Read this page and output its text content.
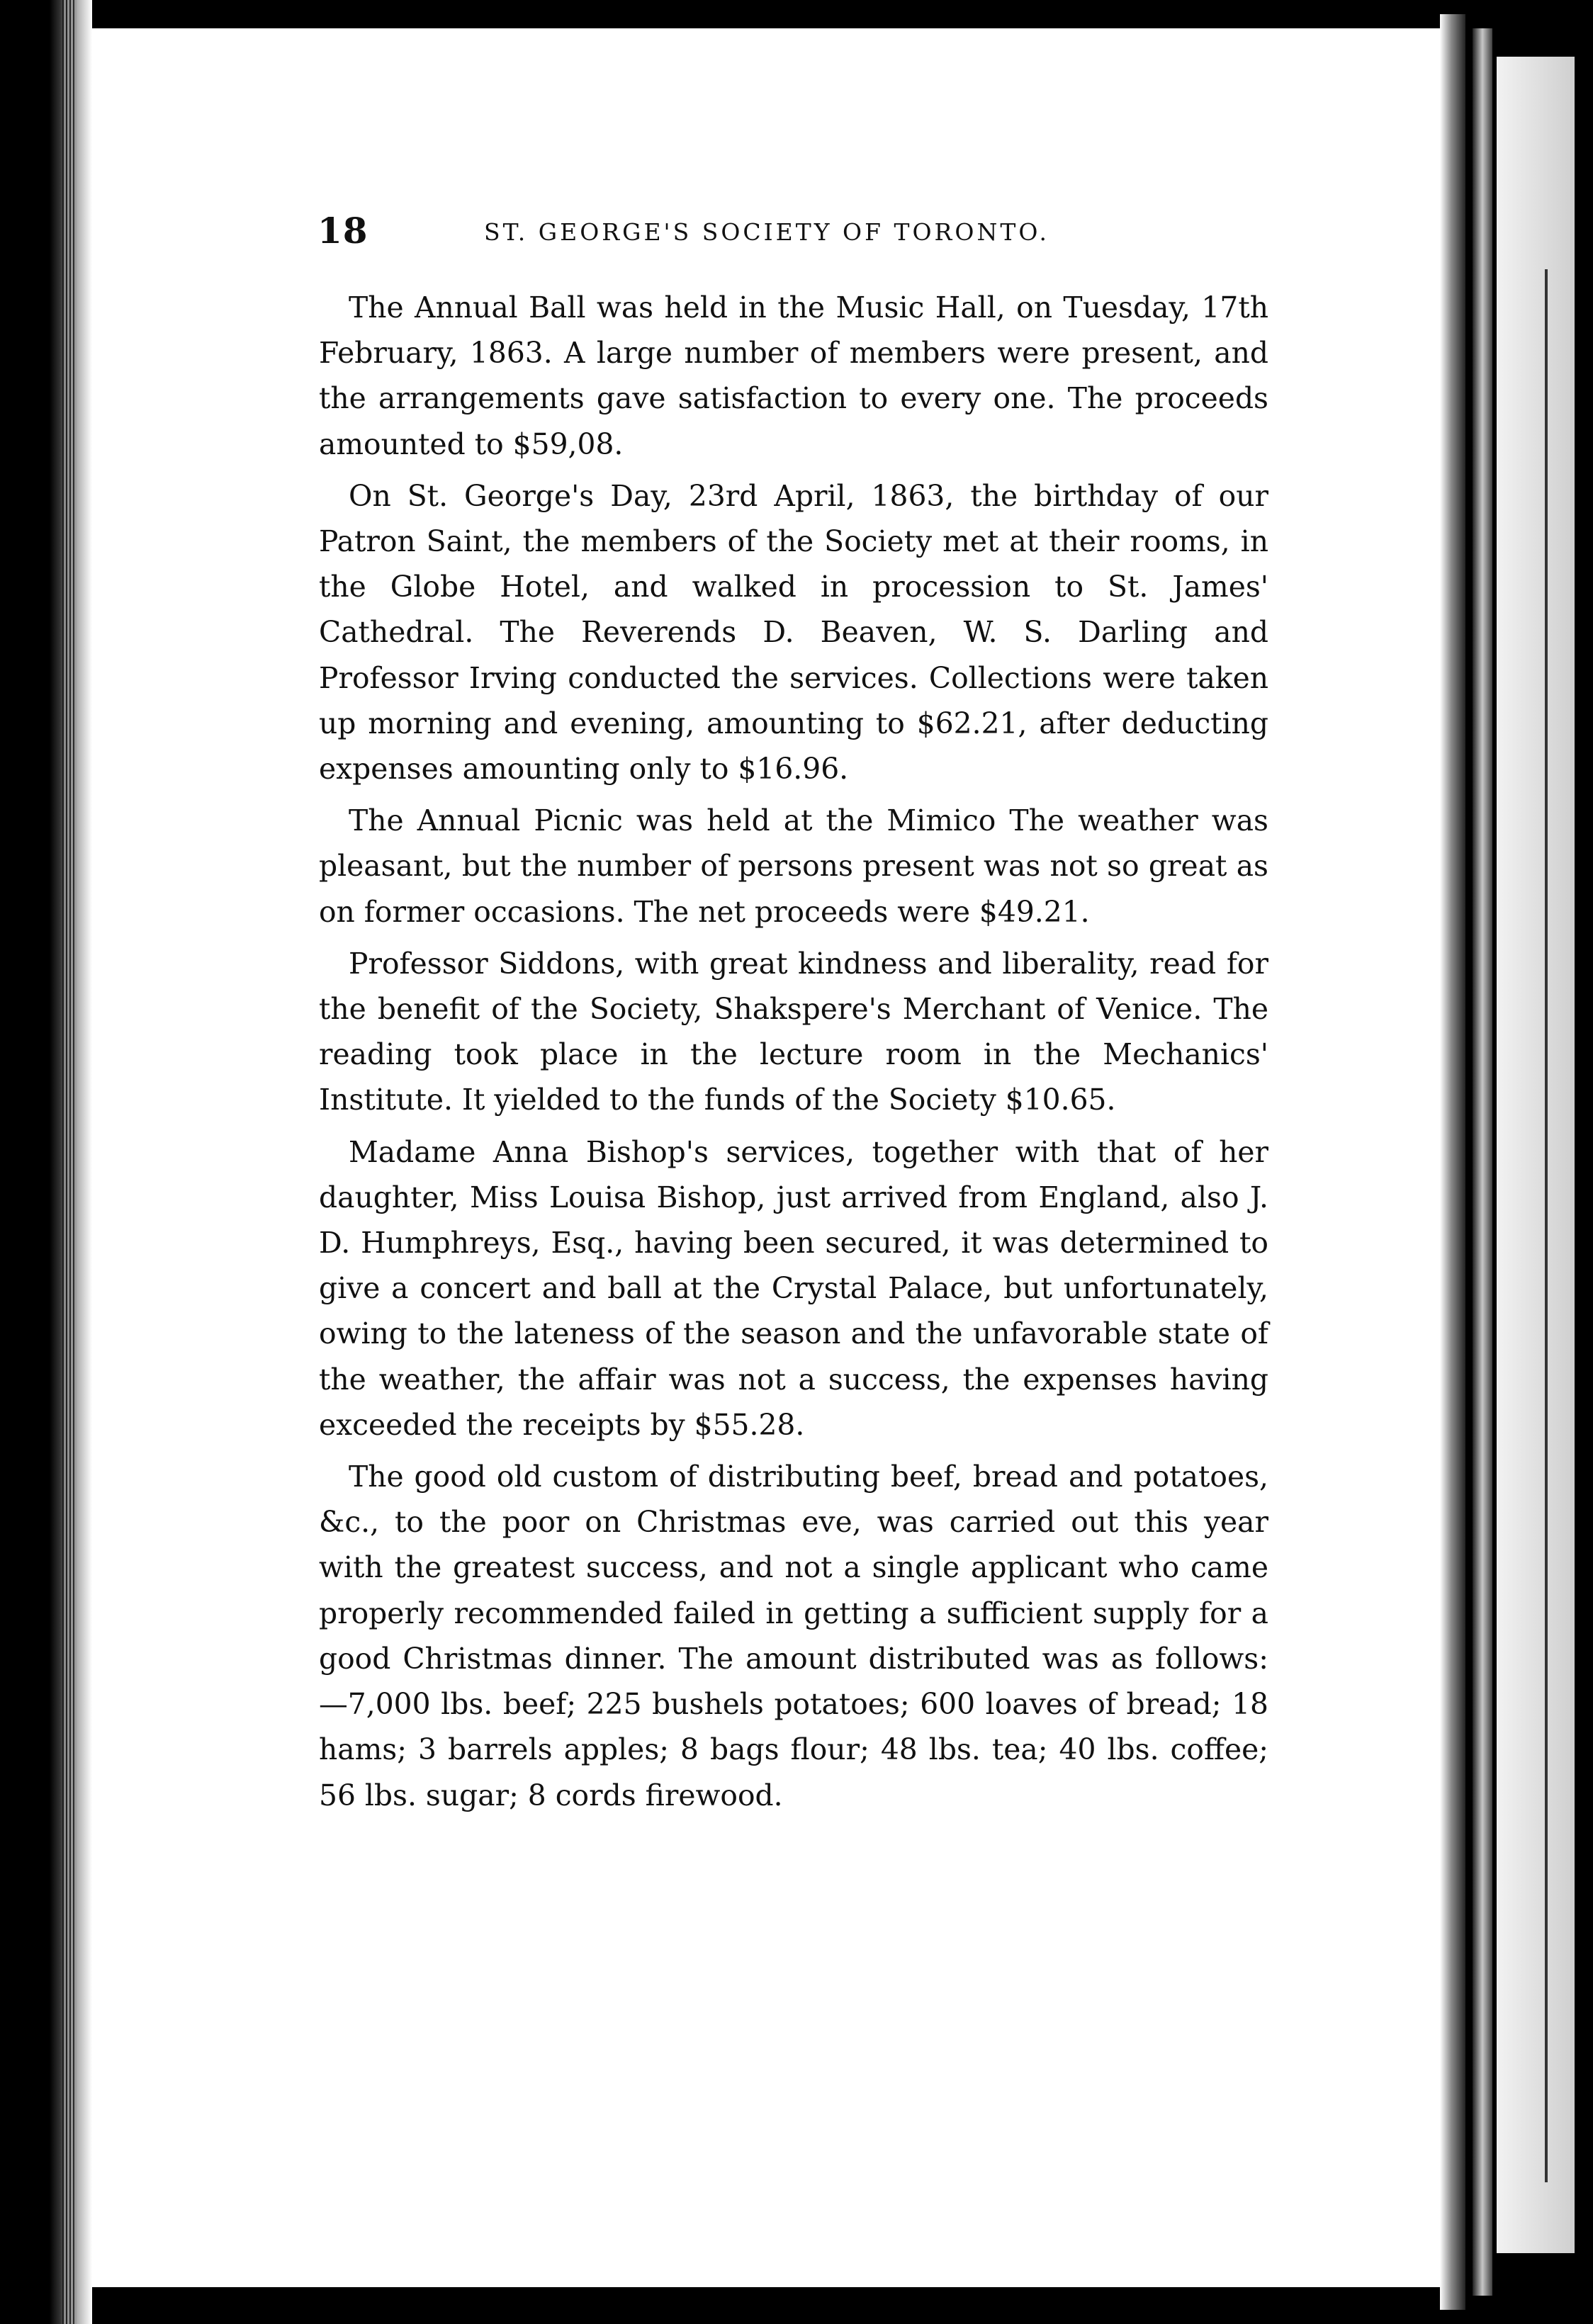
18	ST. GEORGE'S SOCIETY OF TORONTO.

The Annual Ball was held in the Music Hall, on Tuesday, 17th February, 1863. A large number of members were present, and the arrangements gave satisfaction to every one. The proceeds amounted to $59,08.

On St. George's Day, 23rd April, 1863, the birthday of our Patron Saint, the members of the Society met at their rooms, in the Globe Hotel, and walked in procession to St. James' Cathedral. The Reverends D. Beaven, W. S. Darling and Professor Irving conducted the services. Collections were taken up morning and evening, amounting to $62.21, after deducting expenses amounting only to $16.96.

The Annual Picnic was held at the Mimico The weather was pleasant, but the number of persons present was not so great as on former occasions. The net proceeds were $49.21.

Professor Siddons, with great kindness and liberality, read for the benefit of the Society, Shakspere's Merchant of Venice. The reading took place in the lecture room in the Mechanics' Institute. It yielded to the funds of the Society $10.65.

Madame Anna Bishop's services, together with that of her daughter, Miss Louisa Bishop, just arrived from England, also J. D. Humphreys, Esq., having been secured, it was determined to give a concert and ball at the Crystal Palace, but unfortunately, owing to the lateness of the season and the unfavorable state of the weather, the affair was not a success, the expenses having exceeded the receipts by $55.28.

The good old custom of distributing beef, bread and potatoes, &c., to the poor on Christmas eve, was carried out this year with the greatest success, and not a single applicant who came properly recommended failed in getting a sufficient supply for a good Christmas dinner. The amount distributed was as follows:—7,000 lbs. beef; 225 bushels potatoes; 600 loaves of bread; 18 hams; 3 barrels apples; 8 bags flour; 48 lbs. tea; 40 lbs. coffee; 56 lbs. sugar; 8 cords firewood.
